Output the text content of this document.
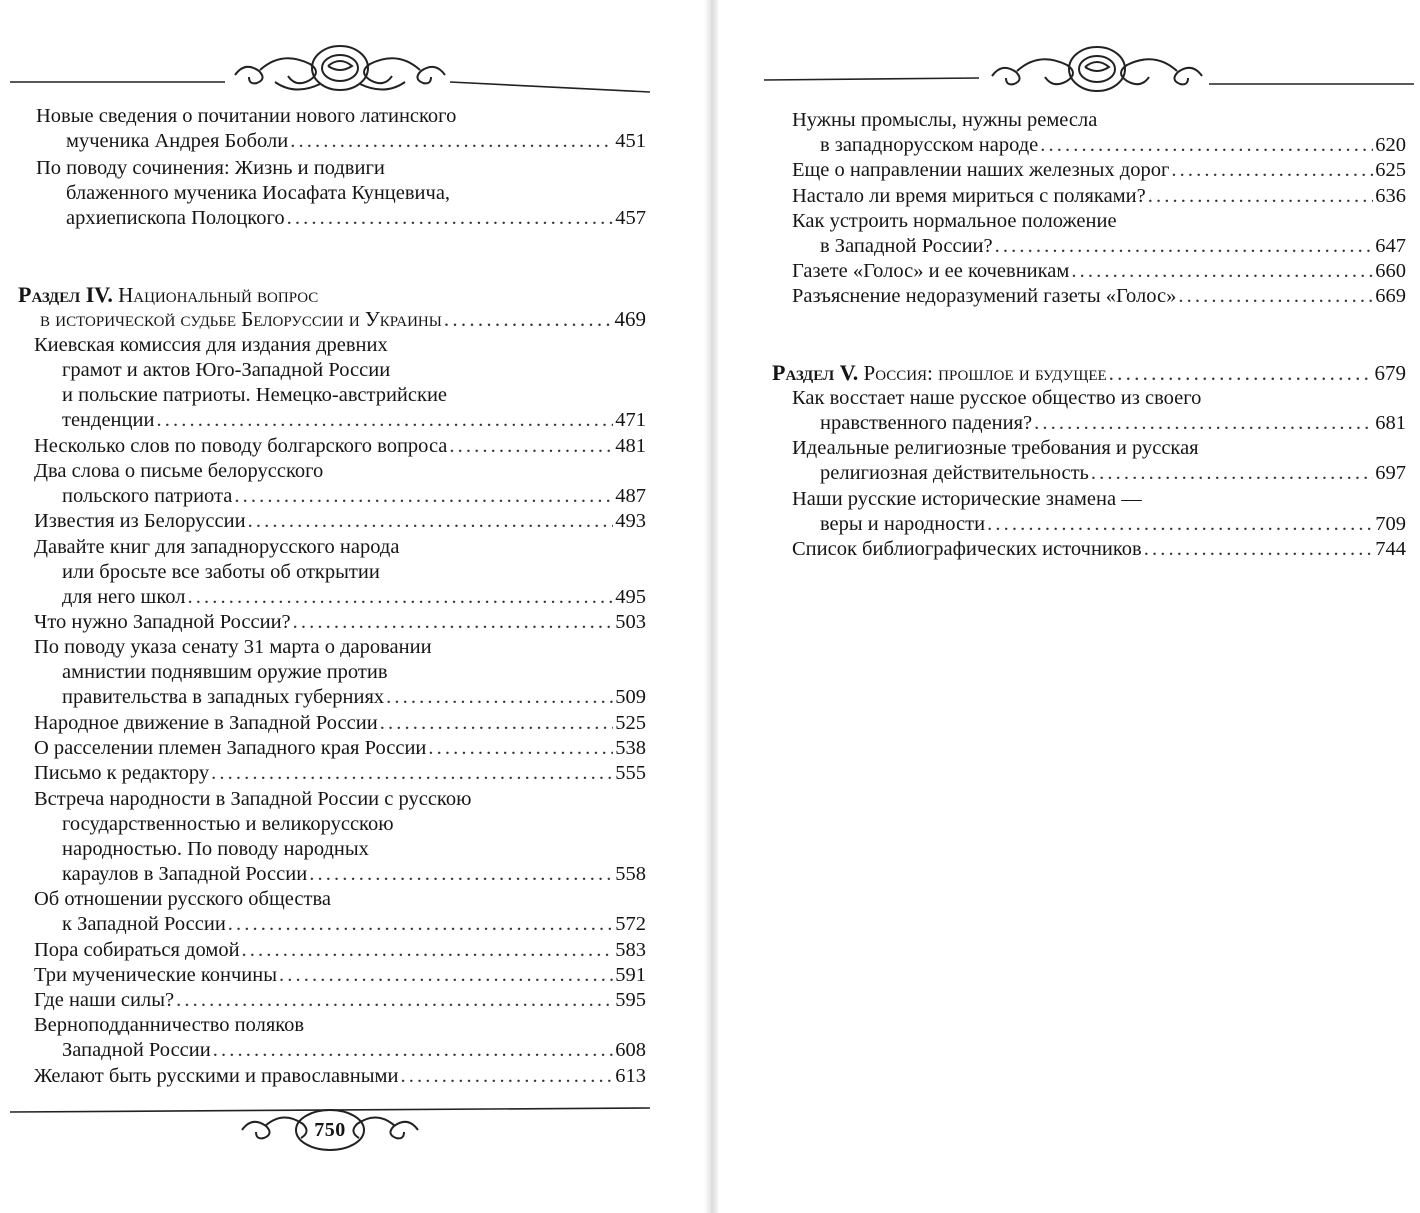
Новые сведения о почитании нового латинского
мученика Андрея Боболи . . .	451
По поводу сочинения: Жизнь и подвиги
блаженного мученика Иосафата Кунцевича,
архиепископа Полоцкого . . .	457
Раздел IV. Национальный вопрос
в исторической судьбе Белоруссии и Украины . . .	469
Киевская комиссия для издания древних
грамот и актов Юго-Западной России
и польские патриоты. Немецко-австрийские
тенденции . . .	471
Несколько слов по поводу болгарского вопроса . . .	481
Два слова о письме белорусского
польского патриота . . .	487
Известия из Белоруссии . . .	493
Давайте книг для западнорусского народа
или бросьте все заботы об открытии
для него школ . . .	495
Что нужно Западной России? . . .	503
По поводу указа сенату 31 марта о даровании
амнистии поднявшим оружие против
правительства в западных губерниях . . .	509
Народное движение в Западной России . . .	525
О расселении племен Западного края России . . .	538
Письмо к редактору . . .	555
Встреча народности в Западной России с русскою
государственностью и великорусскою
народностью. По поводу народных
караулов в Западной России . . .	558
Об отношении русского общества
к Западной России . . .	572
Пора собираться домой . . .	583
Три мученические кончины . . .	591
Где наши силы? . . .	595
Верноподданничество поляков
Западной России . . .	608
Желают быть русскими и православными . . .	613
750
Нужны промыслы, нужны ремесла
в западнорусском народе . . .	620
Еще о направлении наших железных дорог . . .	625
Настало ли время мириться с поляками? . . .	636
Как устроить нормальное положение
в Западной России? . . .	647
Газете «Голос» и ее кочевникам . . .	660
Разъяснение недоразумений газеты «Голос» . . .	669
Раздел V. Россия: прошлое и будущее . . .	679
Как восстает наше русское общество из своего
нравственного падения? . . .	681
Идеальные религиозные требования и русская
религиозная действительность . . .	697
Наши русские исторические знамена —
веры и народности . . .	709
Список библиографических источников . . .	744
